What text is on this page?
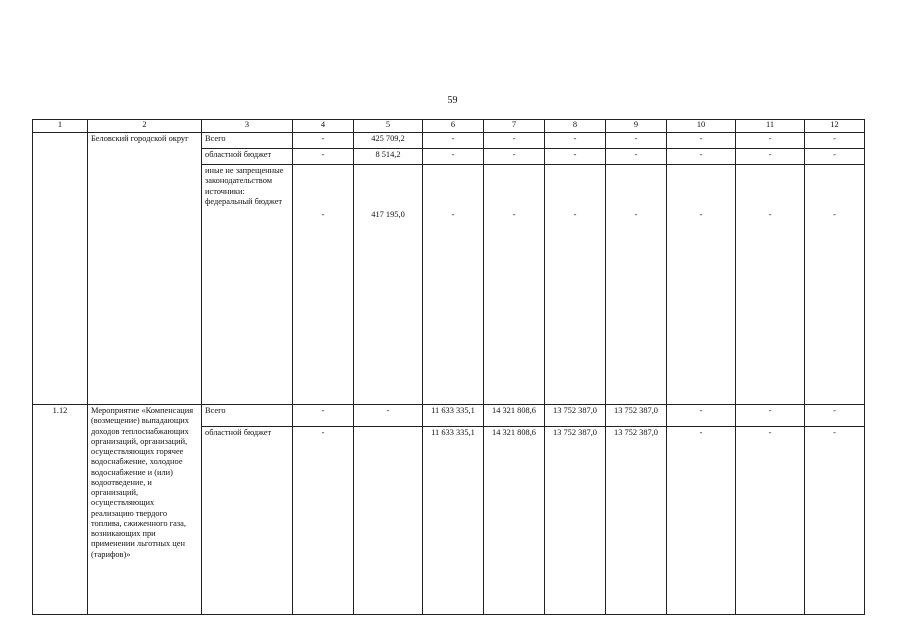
59
1	2	3	4	5	6	7	8	9	10	11	12
	Беловский городской округ	Всего	-	425 709,2	-	-	-	-	-	-	-
		областной бюджет	-	8 514,2	-	-	-	-	-	-	-
		иные не запрещенные законодательством источники: федеральный бюджет	-	417 195,0	-	-	-	-	-	-	-
1.12	Мероприятие «Компенсация (возмещение) выпадающих доходов теплоснабжающих организаций, организаций, осуществляющих горячее водоснабжение, холодное водоснабжение и (или) водоотведение, и организаций, осуществляющих реализацию твердого топлива, сжиженного газа, возникающих при применении льготных цен (тарифов)»	Всего	-	-	11 633 335,1	14 321 808,6	13 752 387,0	13 752 387,0	-	-	-
		областной бюджет	-		11 633 335,1	14 321 808,6	13 752 387,0	13 752 387,0	-	-	-
